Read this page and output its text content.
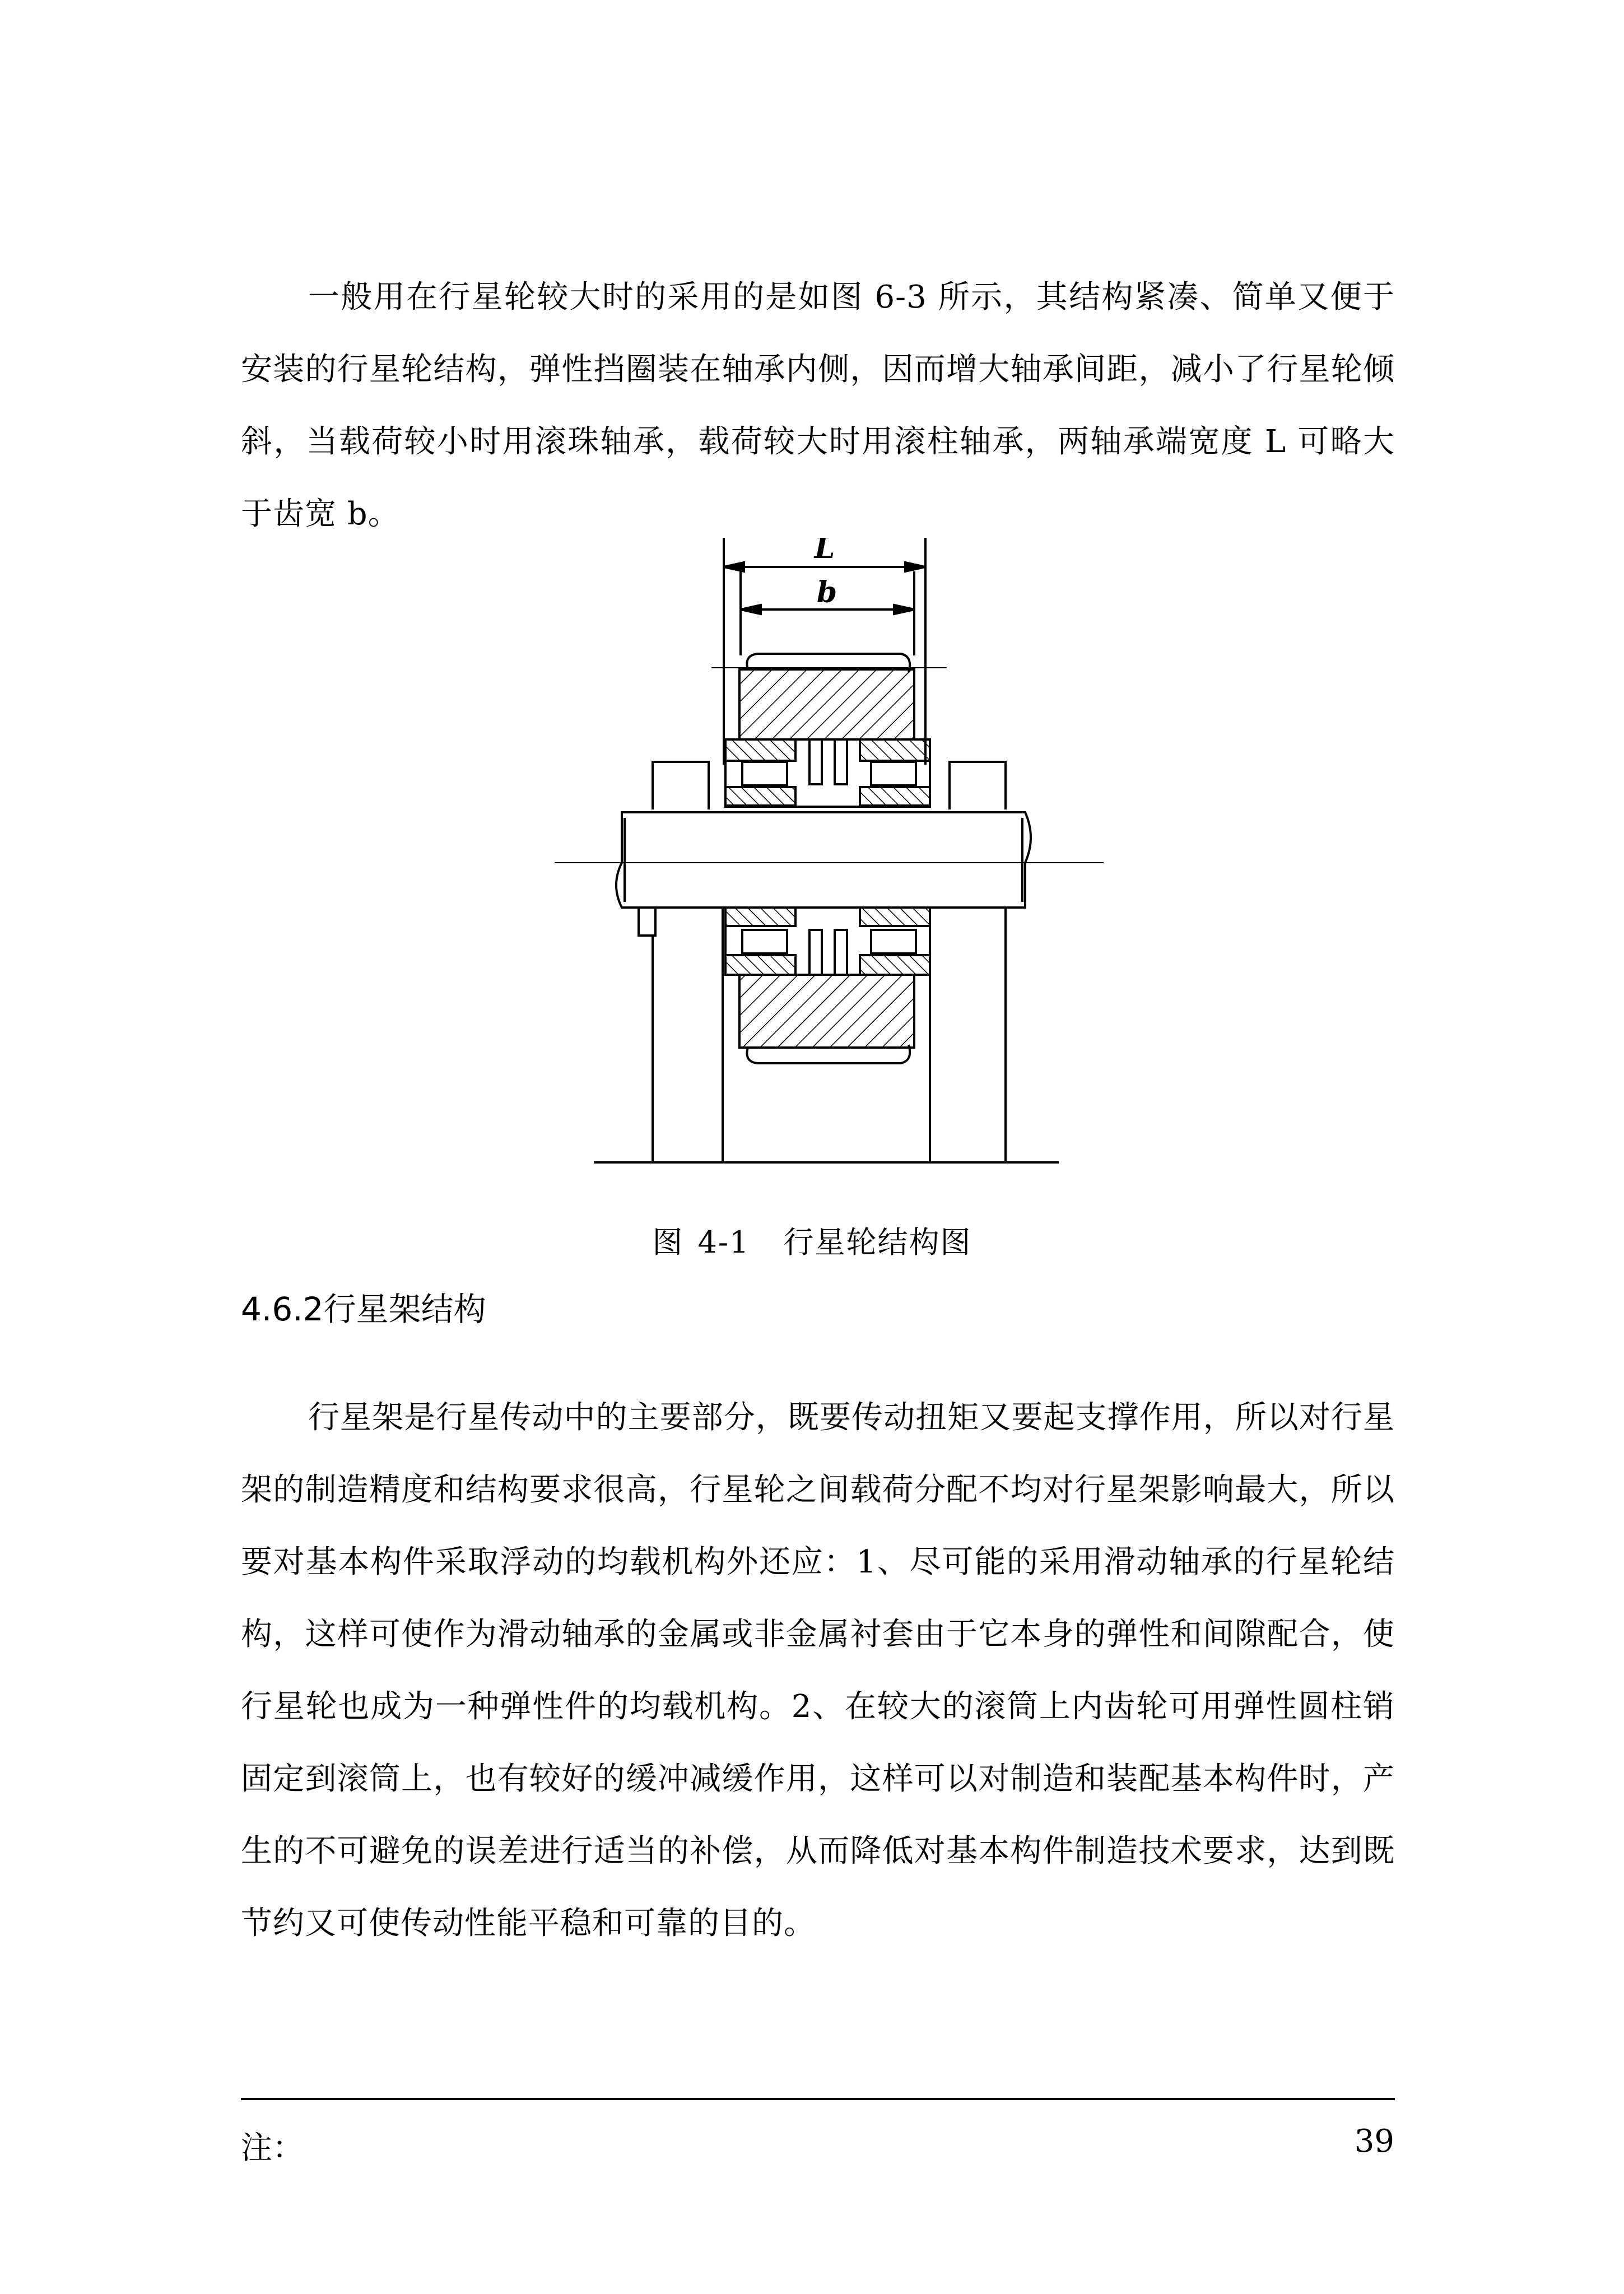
一般用在行星轮较大时的采用的是如图 6-3 所示，其结构紧凑、简单又便于安装的行星轮结构，弹性挡圈装在轴承内侧，因而增大轴承间距，减小了行星轮倾斜，当载荷较小时用滚珠轴承，载荷较大时用滚柱轴承，两轴承端宽度 L 可略大于齿宽 b。

L
b
图 4-1 行星轮结构图
4.6.2行星架结构

行星架是行星传动中的主要部分，既要传动扭矩又要起支撑作用，所以对行星架的制造精度和结构要求很高，行星轮之间载荷分配不均对行星架影响最大，所以要对基本构件采取浮动的均载机构外还应：1、尽可能的采用滑动轴承的行星轮结构，这样可使作为滑动轴承的金属或非金属衬套由于它本身的弹性和间隙配合，使行星轮也成为一种弹性件的均载机构。2、在较大的滚筒上内齿轮可用弹性圆柱销固定到滚筒上，也有较好的缓冲减缓作用，这样可以对制造和装配基本构件时，产生的不可避免的误差进行适当的补偿，从而降低对基本构件制造技术要求，达到既节约又可使传动性能平稳和可靠的目的。

注：	39
